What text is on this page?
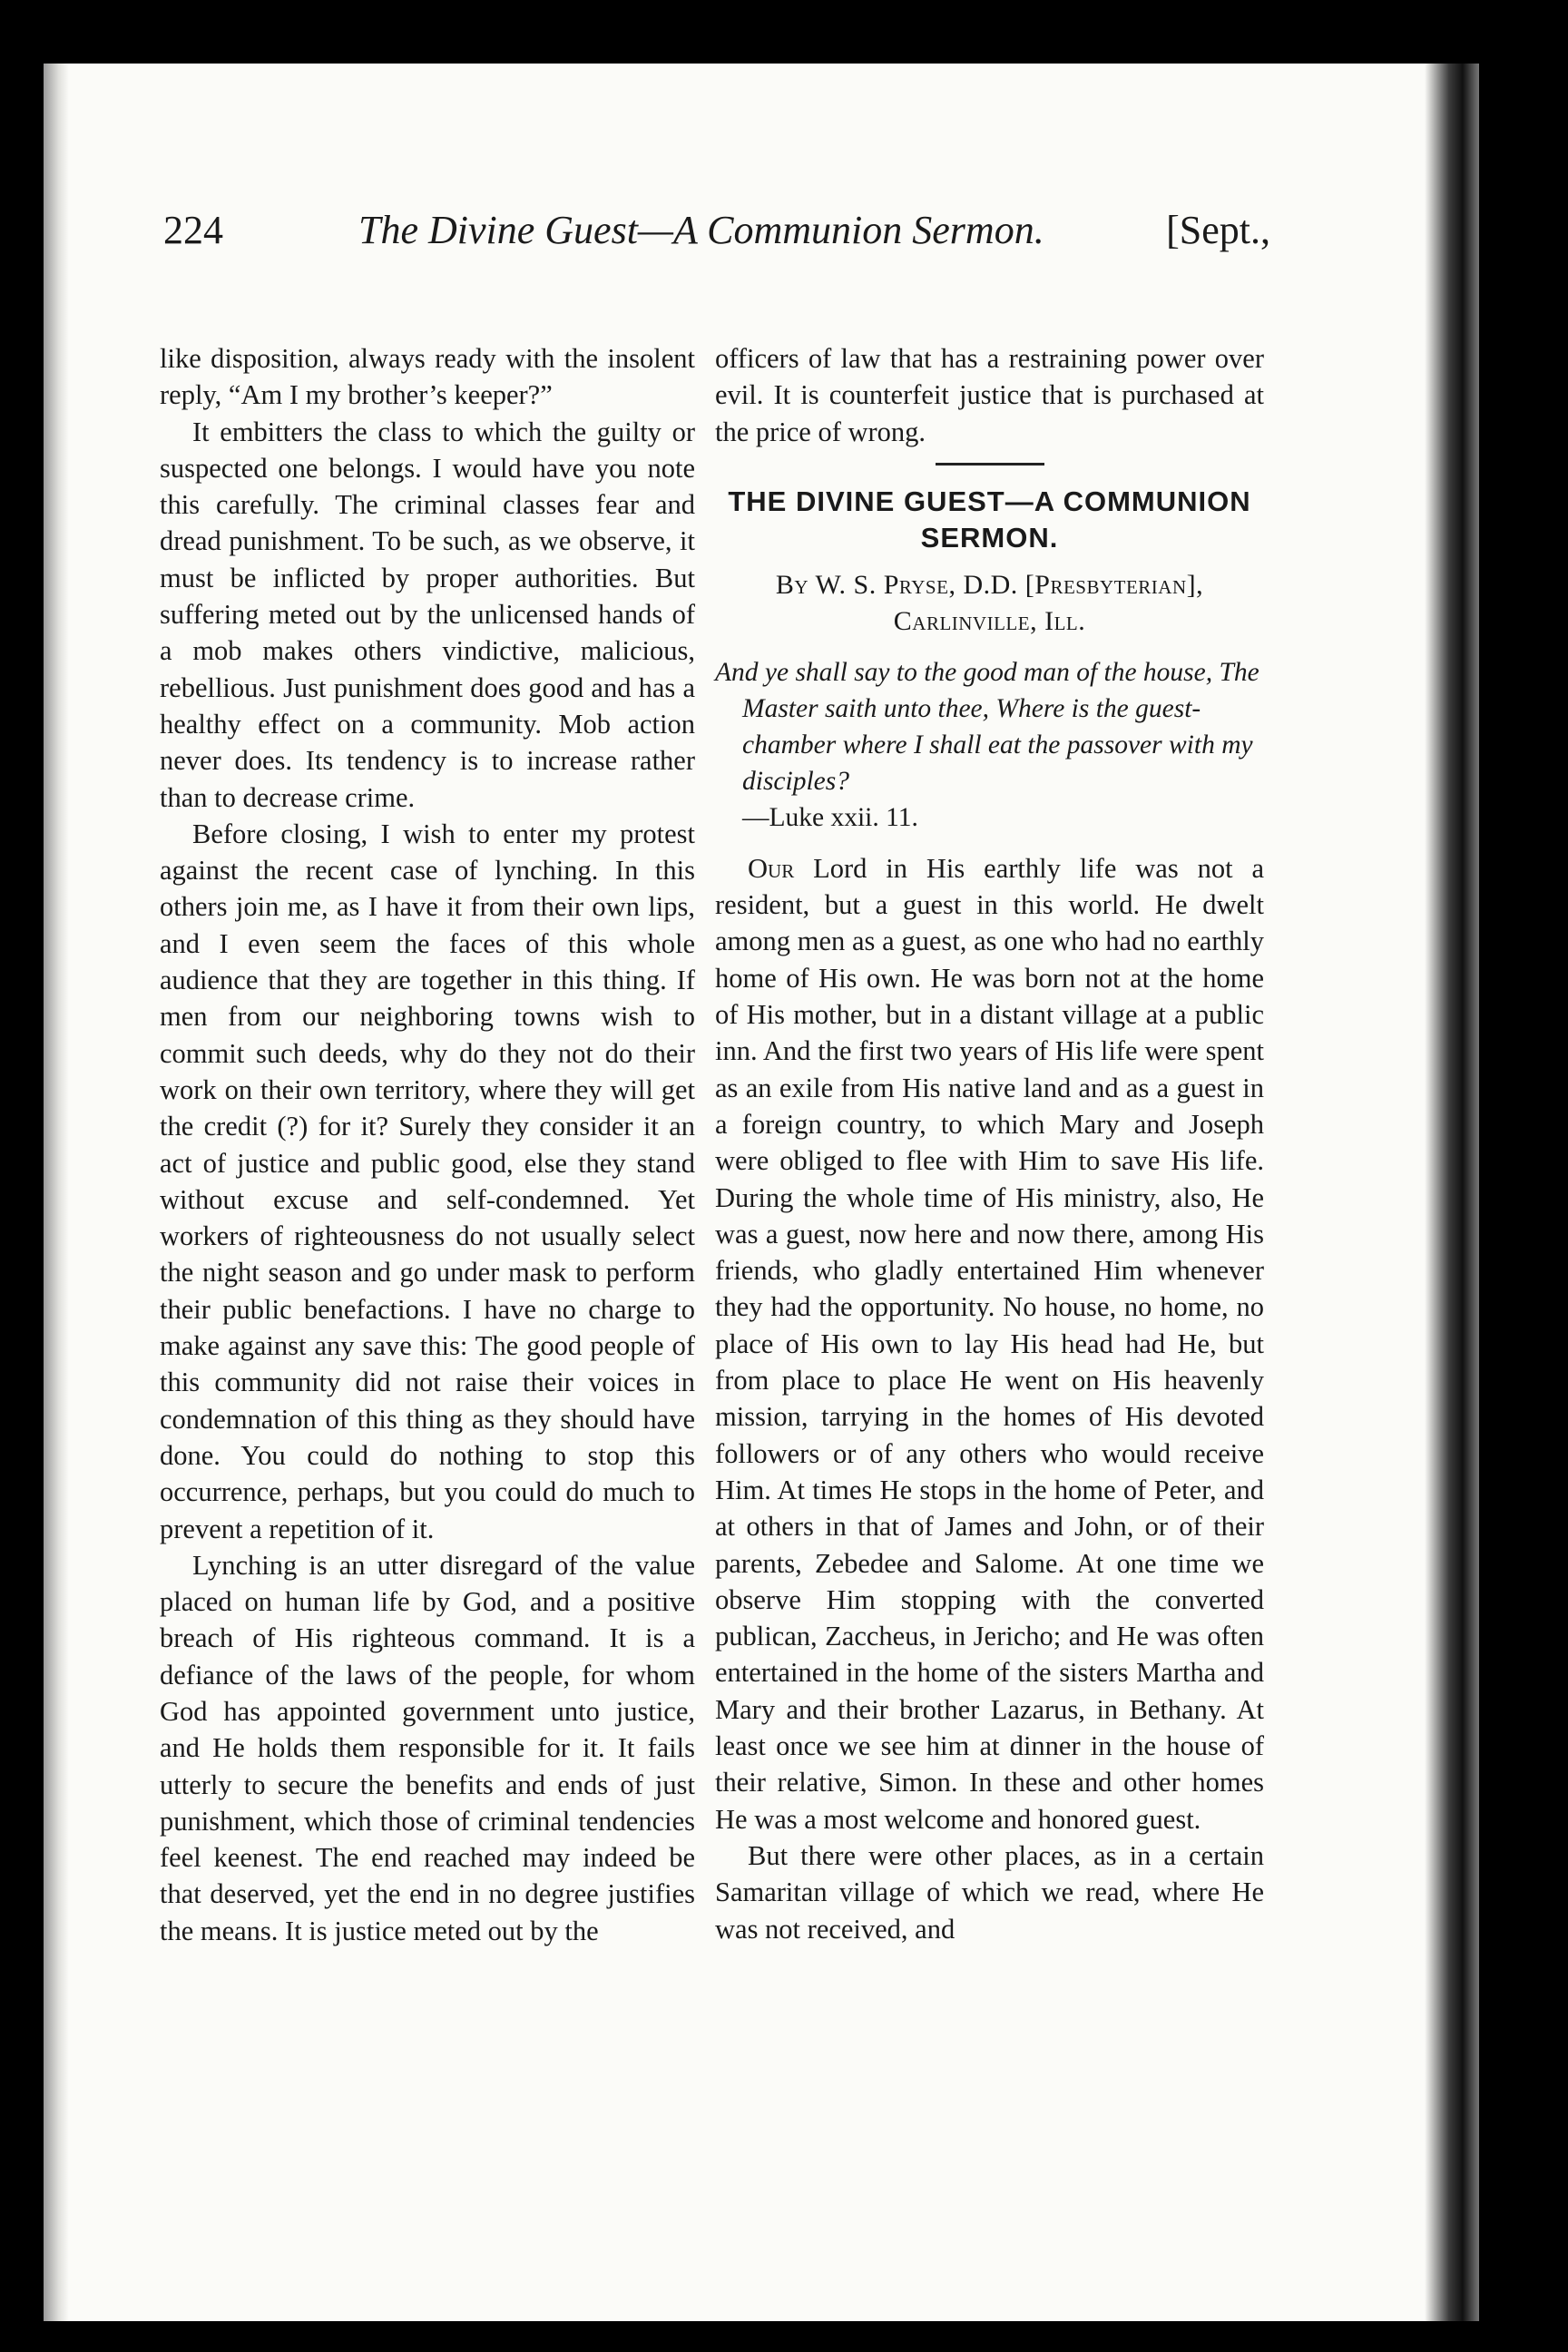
224	The Divine Guest—A Communion Sermon.	[Sept.,

like disposition, always ready with the insolent reply, “Am I my brother’s keeper?”

It embitters the class to which the guilty or suspected one belongs. I would have you note this carefully. The criminal classes fear and dread punishment. To be such, as we observe, it must be inflicted by proper authorities. But suffering meted out by the unlicensed hands of a mob makes others vindictive, malicious, rebellious. Just punishment does good and has a healthy effect on a community. Mob action never does. Its tendency is to increase rather than to decrease crime.

Before closing, I wish to enter my protest against the recent case of lynching. In this others join me, as I have it from their own lips, and I even seem the faces of this whole audience that they are together in this thing. If men from our neighboring towns wish to commit such deeds, why do they not do their work on their own territory, where they will get the credit (?) for it? Surely they consider it an act of justice and public good, else they stand without excuse and self-condemned. Yet workers of righteousness do not usually select the night season and go under mask to perform their public benefactions. I have no charge to make against any save this: The good people of this community did not raise their voices in condemnation of this thing as they should have done. You could do nothing to stop this occurrence, perhaps, but you could do much to prevent a repetition of it.

Lynching is an utter disregard of the value placed on human life by God, and a positive breach of His righteous command. It is a defiance of the laws of the people, for whom God has appointed government unto justice, and He holds them responsible for it. It fails utterly to secure the benefits and ends of just punishment, which those of criminal tendencies feel keenest. The end reached may indeed be that deserved, yet the end in no degree justifies the means. It is justice meted out by the

officers of law that has a restraining power over evil. It is counterfeit justice that is purchased at the price of wrong.

THE DIVINE GUEST—A COMMUNION SERMON.
By W. S. Pryse, D.D. [Presbyterian], Carlinville, Ill.
And ye shall say to the good man of the house, The Master saith unto thee, Where is the guest-chamber where I shall eat the passover with my disciples?
—Luke xxii. 11.

Our Lord in His earthly life was not a resident, but a guest in this world. He dwelt among men as a guest, as one who had no earthly home of His own. He was born not at the home of His mother, but in a distant village at a public inn. And the first two years of His life were spent as an exile from His native land and as a guest in a foreign country, to which Mary and Joseph were obliged to flee with Him to save His life. During the whole time of His ministry, also, He was a guest, now here and now there, among His friends, who gladly entertained Him whenever they had the opportunity. No house, no home, no place of His own to lay His head had He, but from place to place He went on His heavenly mission, tarrying in the homes of His devoted followers or of any others who would receive Him. At times He stops in the home of Peter, and at others in that of James and John, or of their parents, Zebedee and Salome. At one time we observe Him stopping with the converted publican, Zaccheus, in Jericho; and He was often entertained in the home of the sisters Martha and Mary and their brother Lazarus, in Bethany. At least once we see him at dinner in the house of their relative, Simon. In these and other homes He was a most welcome and honored guest.

But there were other places, as in a certain Samaritan village of which we read, where He was not received, and
